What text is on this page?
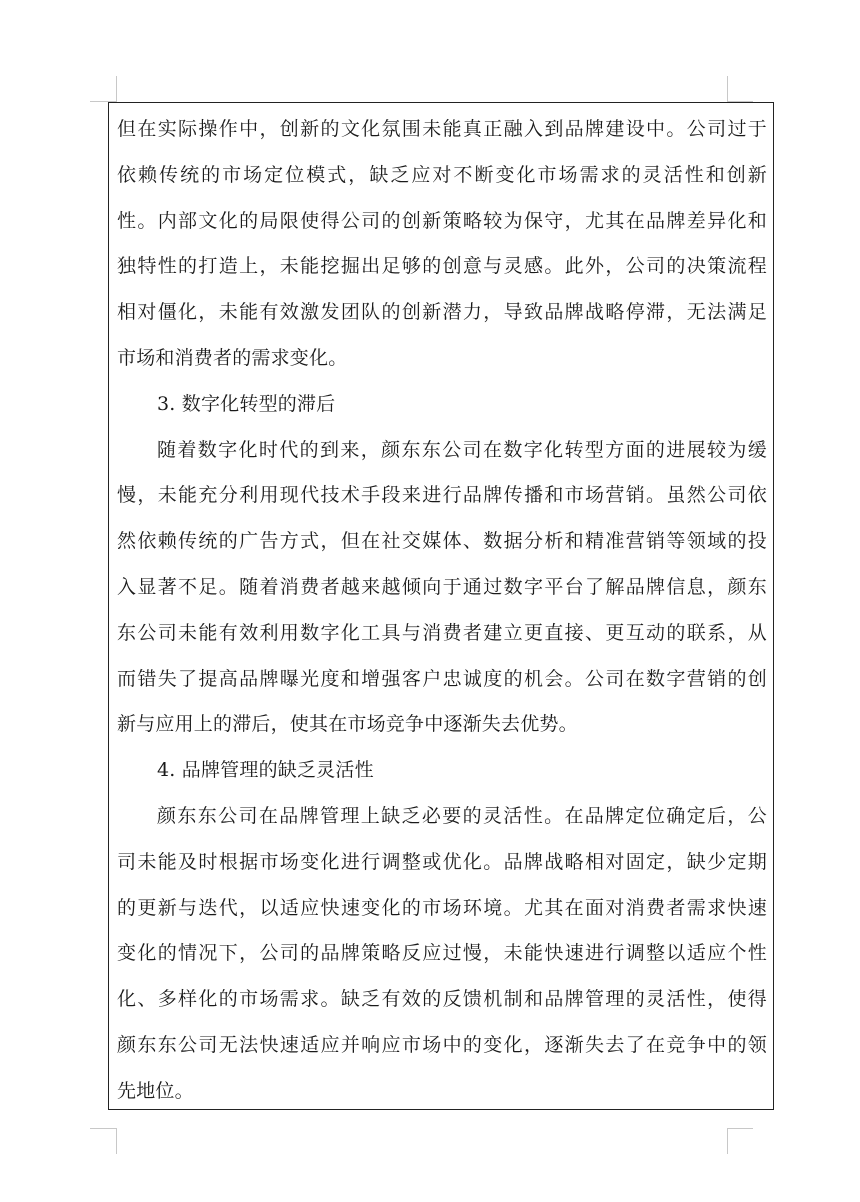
但在实际操作中，创新的文化氛围未能真正融入到品牌建设中。公司过于
依赖传统的市场定位模式，缺乏应对不断变化市场需求的灵活性和创新
性。内部文化的局限使得公司的创新策略较为保守，尤其在品牌差异化和
独特性的打造上，未能挖掘出足够的创意与灵感。此外，公司的决策流程
相对僵化，未能有效激发团队的创新潜力，导致品牌战略停滞，无法满足
市场和消费者的需求变化。
3. 数字化转型的滞后
随着数字化时代的到来，颜东东公司在数字化转型方面的进展较为缓
慢，未能充分利用现代技术手段来进行品牌传播和市场营销。虽然公司依
然依赖传统的广告方式，但在社交媒体、数据分析和精准营销等领域的投
入显著不足。随着消费者越来越倾向于通过数字平台了解品牌信息，颜东
东公司未能有效利用数字化工具与消费者建立更直接、更互动的联系，从
而错失了提高品牌曝光度和增强客户忠诚度的机会。公司在数字营销的创
新与应用上的滞后，使其在市场竞争中逐渐失去优势。
4. 品牌管理的缺乏灵活性
颜东东公司在品牌管理上缺乏必要的灵活性。在品牌定位确定后，公
司未能及时根据市场变化进行调整或优化。品牌战略相对固定，缺少定期
的更新与迭代，以适应快速变化的市场环境。尤其在面对消费者需求快速
变化的情况下，公司的品牌策略反应过慢，未能快速进行调整以适应个性
化、多样化的市场需求。缺乏有效的反馈机制和品牌管理的灵活性，使得
颜东东公司无法快速适应并响应市场中的变化，逐渐失去了在竞争中的领
先地位。
